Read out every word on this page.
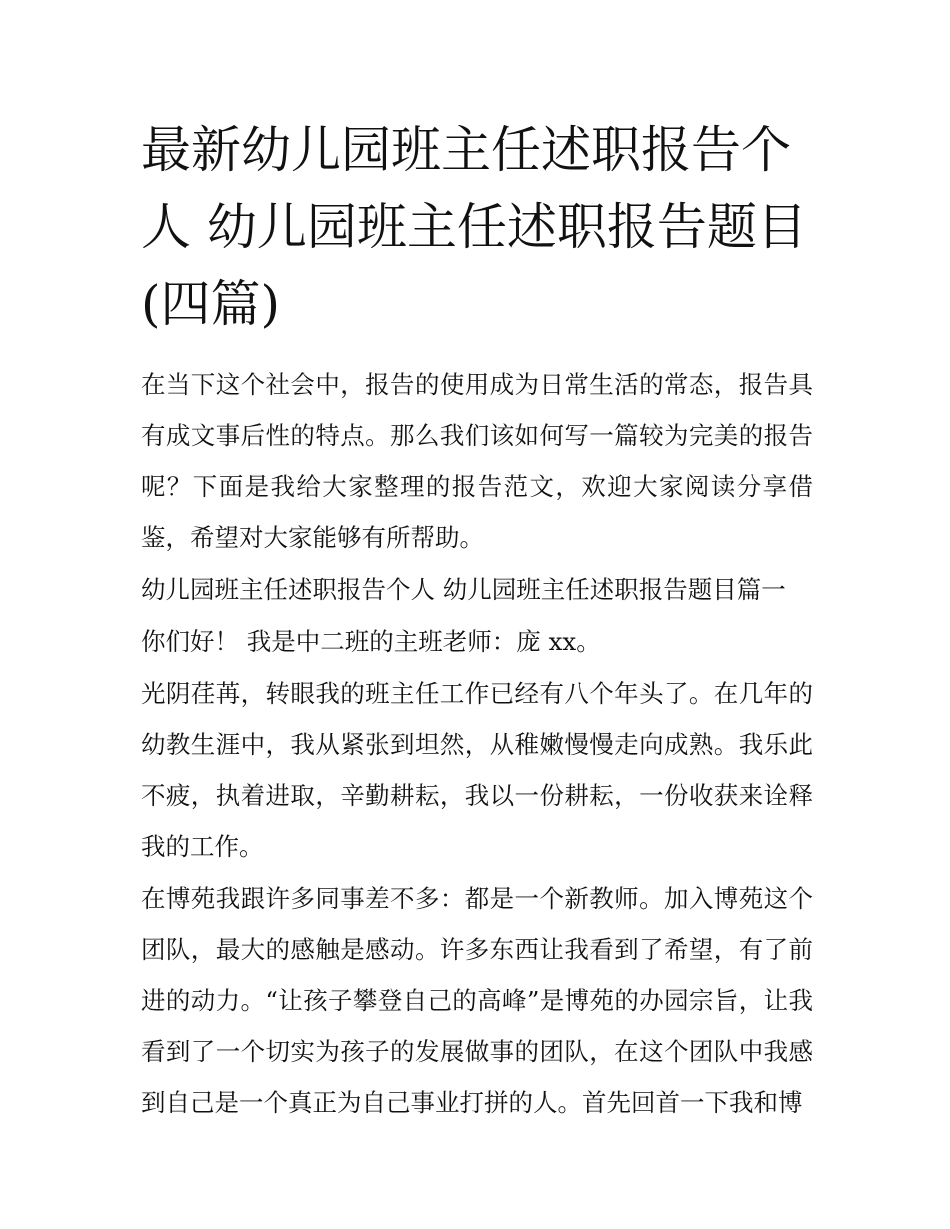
最新幼儿园班主任述职报告个人 幼儿园班主任述职报告题目(四篇)

在当下这个社会中，报告的使用成为日常生活的常态，报告具有成文事后性的特点。那么我们该如何写一篇较为完美的报告呢？下面是我给大家整理的报告范文，欢迎大家阅读分享借鉴，希望对大家能够有所帮助。

幼儿园班主任述职报告个人 幼儿园班主任述职报告题目篇一

你们好！ 我是中二班的主班老师：庞 xx。

光阴荏苒，转眼我的班主任工作已经有八个年头了。在几年的幼教生涯中，我从紧张到坦然，从稚嫩慢慢走向成熟。我乐此不疲，执着进取，辛勤耕耘，我以一份耕耘，一份收获来诠释我的工作。

在博苑我跟许多同事差不多：都是一个新教师。加入博苑这个团队，最大的感触是感动。许多东西让我看到了希望，有了前进的动力。“让孩子攀登自己的高峰”是博苑的办园宗旨，让我看到了一个切实为孩子的发展做事的团队，在这个团队中我感到自己是一个真正为自己事业打拼的人。首先回首一下我和博
